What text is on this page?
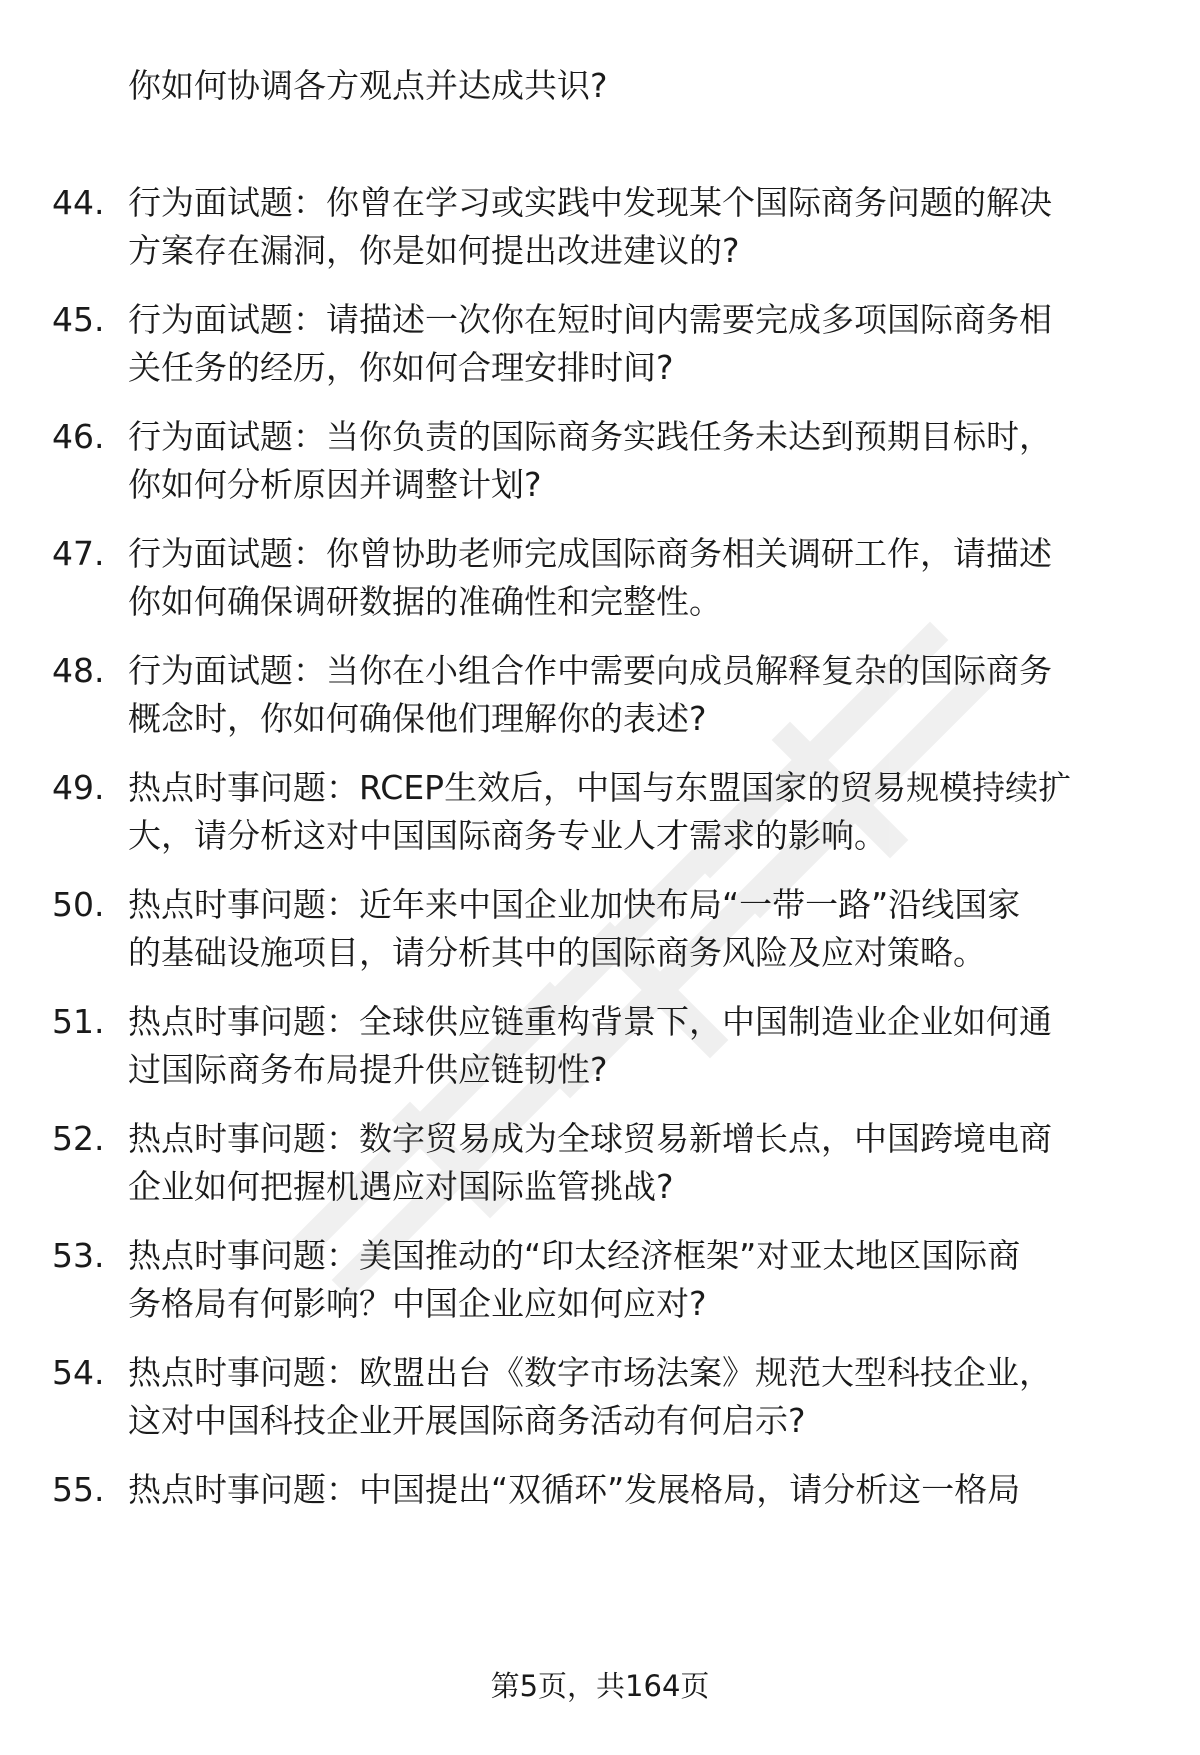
你如何协调各方观点并达成共识?
44. 行为面试题：你曾在学习或实践中发现某个国际商务问题的解决
方案存在漏洞，你是如何提出改进建议的?
45. 行为面试题：请描述一次你在短时间内需要完成多项国际商务相
关任务的经历，你如何合理安排时间?
46. 行为面试题：当你负责的国际商务实践任务未达到预期目标时，
你如何分析原因并调整计划?
47. 行为面试题：你曾协助老师完成国际商务相关调研工作，请描述
你如何确保调研数据的准确性和完整性。
48. 行为面试题：当你在小组合作中需要向成员解释复杂的国际商务
概念时，你如何确保他们理解你的表述?
49. 热点时事问题：RCEP生效后，中国与东盟国家的贸易规模持续扩
大，请分析这对中国国际商务专业人才需求的影响。
50. 热点时事问题：近年来中国企业加快布局“一带一路”沿线国家
的基础设施项目，请分析其中的国际商务风险及应对策略。
51. 热点时事问题：全球供应链重构背景下，中国制造业企业如何通
过国际商务布局提升供应链韧性?
52. 热点时事问题：数字贸易成为全球贸易新增长点，中国跨境电商
企业如何把握机遇应对国际监管挑战?
53. 热点时事问题：美国推动的“印太经济框架”对亚太地区国际商
务格局有何影响？中国企业应如何应对?
54. 热点时事问题：欧盟出台《数字市场法案》规范大型科技企业，
这对中国科技企业开展国际商务活动有何启示?
55. 热点时事问题：中国提出“双循环”发展格局，请分析这一格局
第5页，共164页
